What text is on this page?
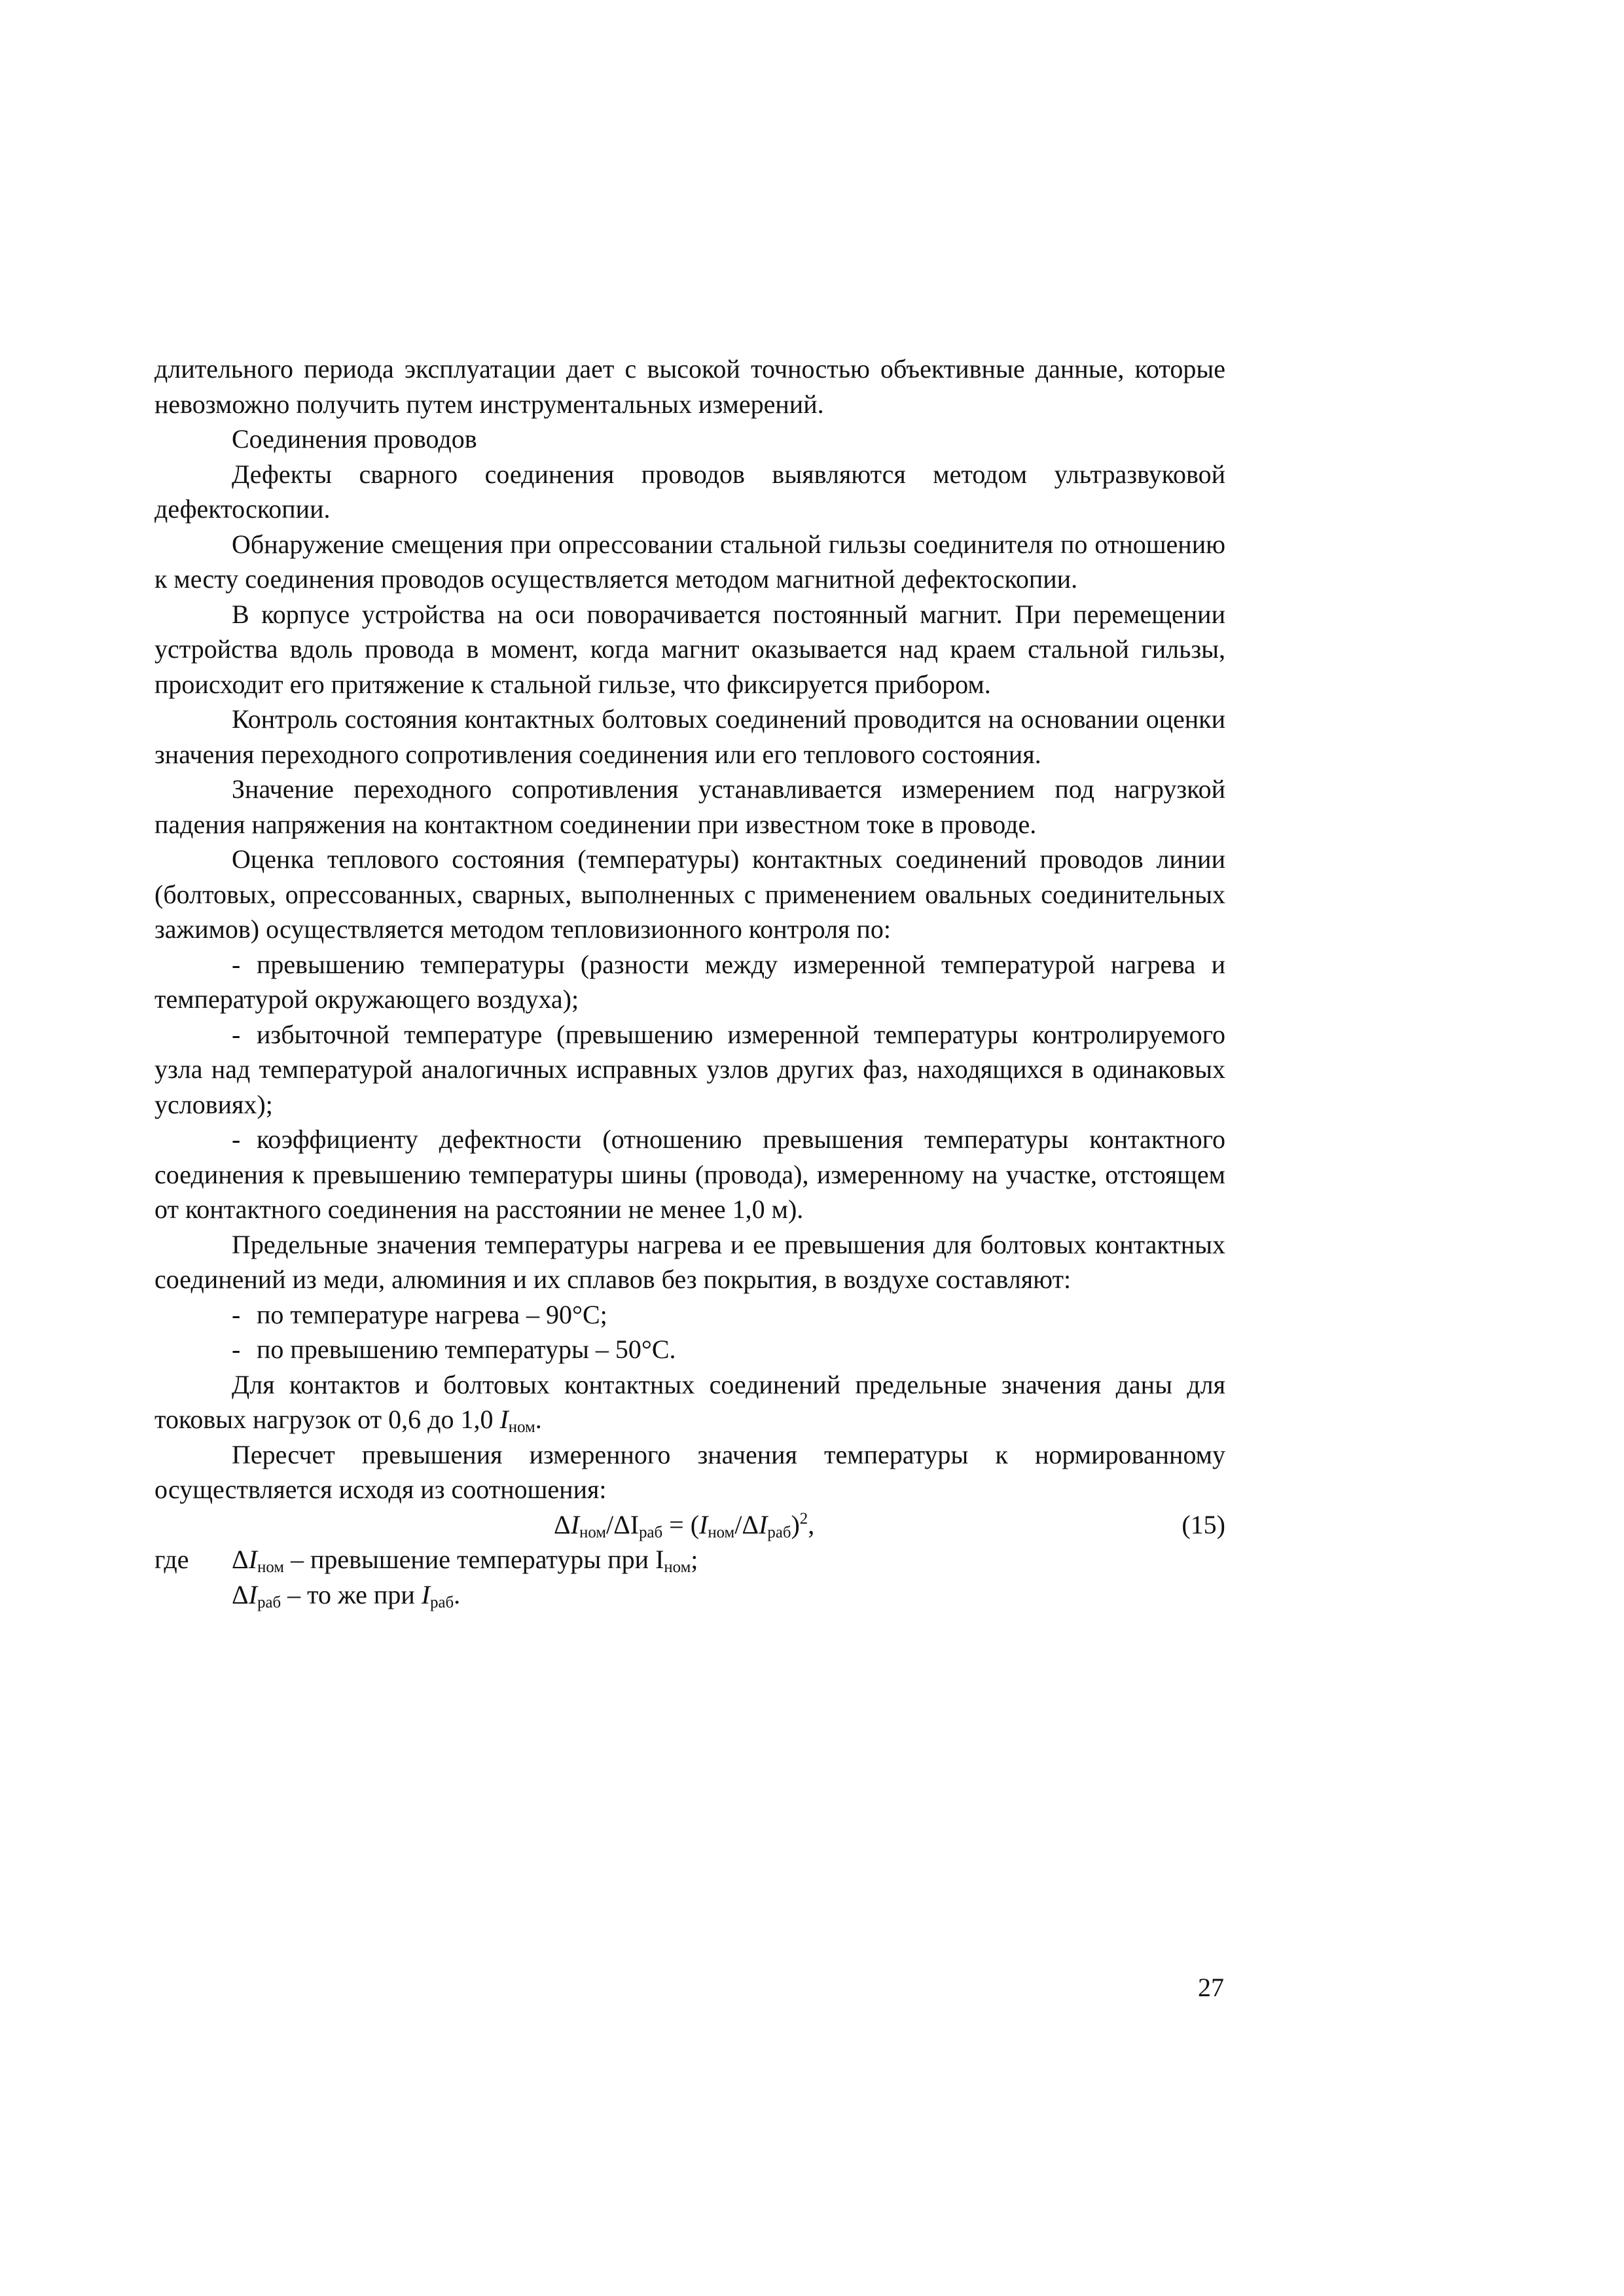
длительного периода эксплуатации дает с высокой точностью объективные данные, которые невозможно получить путем инструментальных измерений.

Соединения проводов

Дефекты сварного соединения проводов выявляются методом ультразвуковой дефектоскопии.

Обнаружение смещения при опрессовании стальной гильзы соединителя по отношению к месту соединения проводов осуществляется методом магнитной дефектоскопии.

В корпусе устройства на оси поворачивается постоянный магнит. При перемещении устройства вдоль провода в момент, когда магнит оказывается над краем стальной гильзы, происходит его притяжение к стальной гильзе, что фиксируется прибором.

Контроль состояния контактных болтовых соединений проводится на основании оценки значения переходного сопротивления соединения или его теплового состояния.

Значение переходного сопротивления устанавливается измерением под нагрузкой падения напряжения на контактном соединении при известном токе в проводе.

Оценка теплового состояния (температуры) контактных соединений проводов линии (болтовых, опрессованных, сварных, выполненных с применением овальных соединительных зажимов) осуществляется методом тепловизионного контроля по:

- превышению температуры (разности между измеренной температурой нагрева и температурой окружающего воздуха);

- избыточной температуре (превышению измеренной температуры контролируемого узла над температурой аналогичных исправных узлов других фаз, находящихся в одинаковых условиях);

- коэффициенту дефектности (отношению превышения температуры контактного соединения к превышению температуры шины (провода), измеренному на участке, отстоящем от контактного соединения на расстоянии не менее 1,0 м).

Предельные значения температуры нагрева и ее превышения для болтовых контактных соединений из меди, алюминия и их сплавов без покрытия, в воздухе составляют:

- по температуре нагрева – 90°С;

- по превышению температуры – 50°С.

Для контактов и болтовых контактных соединений предельные значения даны для токовых нагрузок от 0,6 до 1,0 $I_{ном}$.

Пересчет превышения измеренного значения температуры к нормированному осуществляется исходя из соотношения:

$\Delta I_{ном}/\Delta I_{раб} = (I_{ном}/\Delta I_{раб})^2$,	(15)
где $\Delta I_{ном}$ – превышение температуры при $I_{ном}$;
$\Delta I_{раб}$ – то же при $I_{раб}$.
27
